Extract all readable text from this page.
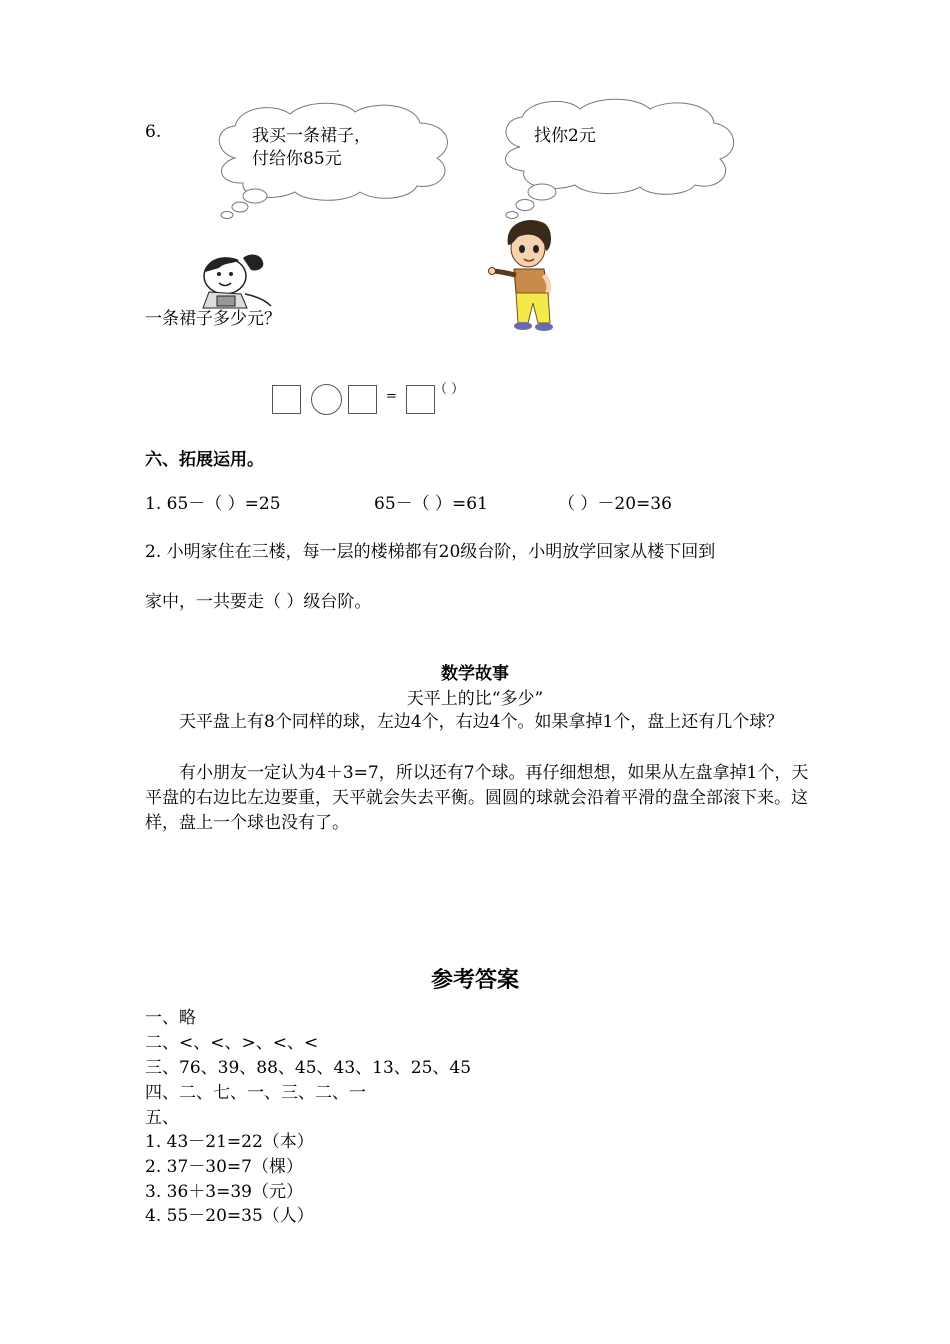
6.	我买一条裙子，
付给你85元
找你2元
一条裙子多少元？
=	（ ）
六、拓展运用。
1. 65－（ ）=25	65－（ ）=61	（ ）－20=36
2. 小明家住在三楼，每一层的楼梯都有20级台阶，小明放学回家从楼下回到
家中，一共要走（ ）级台阶。
数学故事
天平上的比“多少”
天平盘上有8个同样的球，左边4个，右边4个。如果拿掉1个，盘上还有几个球？
有小朋友一定认为4＋3=7，所以还有7个球。再仔细想想，如果从左盘拿掉1个，天平盘的右边比左边要重，天平就会失去平衡。圆圆的球就会沿着平滑的盘全部滚下来。这样，盘上一个球也没有了。
参考答案
一、略
二、<、<、>、<、<
三、76、39、88、45、43、13、25、45
四、二、七、一、三、二、一
五、
1. 43－21=22（本）
2. 37－30=7（棵）
3. 36＋3=39（元）
4. 55－20=35（人）
